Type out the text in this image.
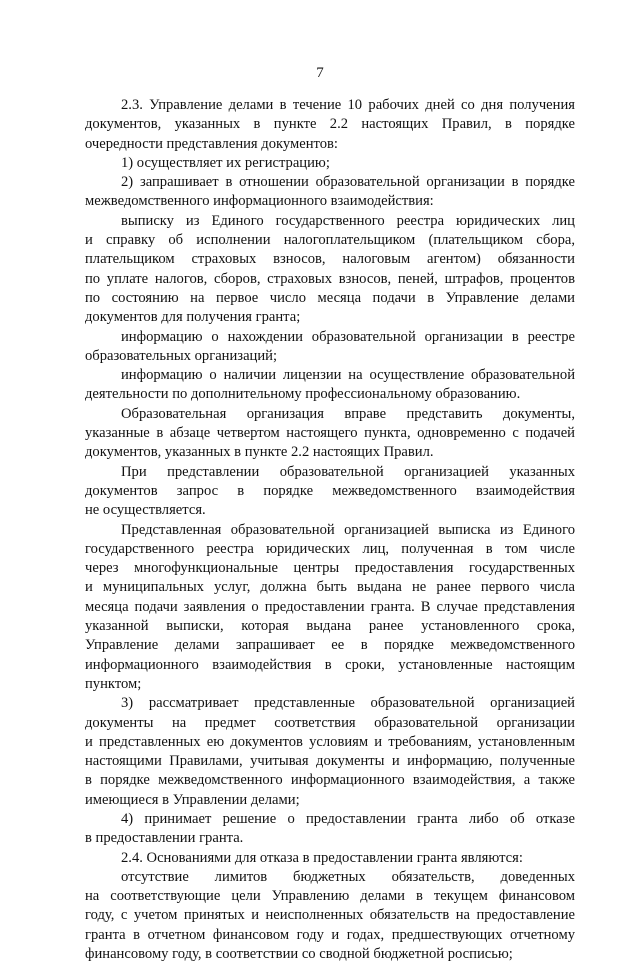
7
2.3. Управление делами в течение 10 рабочих дней со дня получения
документов, указанных в пункте 2.2 настоящих Правил, в порядке
очередности представления документов:
1) осуществляет их регистрацию;
2) запрашивает в отношении образовательной организации в порядке
межведомственного информационного взаимодействия:
выписку из Единого государственного реестра юридических лиц
и справку об исполнении налогоплательщиком (плательщиком сбора,
плательщиком страховых взносов, налоговым агентом) обязанности
по уплате налогов, сборов, страховых взносов, пеней, штрафов, процентов
по состоянию на первое число месяца подачи в Управление делами
документов для получения гранта;
информацию о нахождении образовательной организации в реестре
образовательных организаций;
информацию о наличии лицензии на осуществление образовательной
деятельности по дополнительному профессиональному образованию.
Образовательная организация вправе представить документы,
указанные в абзаце четвертом настоящего пункта, одновременно с подачей
документов, указанных в пункте 2.2 настоящих Правил.
При представлении образовательной организацией указанных
документов запрос в порядке межведомственного взаимодействия
не осуществляется.
Представленная образовательной организацией выписка из Единого
государственного реестра юридических лиц, полученная в том числе
через многофункциональные центры предоставления государственных
и муниципальных услуг, должна быть выдана не ранее первого числа
месяца подачи заявления о предоставлении гранта. В случае представления
указанной выписки, которая выдана ранее установленного срока,
Управление делами запрашивает ее в порядке межведомственного
информационного взаимодействия в сроки, установленные настоящим
пунктом;
3) рассматривает представленные образовательной организацией
документы на предмет соответствия образовательной организации
и представленных ею документов условиям и требованиям, установленным
настоящими Правилами, учитывая документы и информацию, полученные
в порядке межведомственного информационного взаимодействия, а также
имеющиеся в Управлении делами;
4) принимает решение о предоставлении гранта либо об отказе
в предоставлении гранта.
2.4. Основаниями для отказа в предоставлении гранта являются:
отсутствие лимитов бюджетных обязательств, доведенных
на соответствующие цели Управлению делами в текущем финансовом
году, с учетом принятых и неисполненных обязательств на предоставление
гранта в отчетном финансовом году и годах, предшествующих отчетному
финансовому году, в соответствии со сводной бюджетной росписью;
